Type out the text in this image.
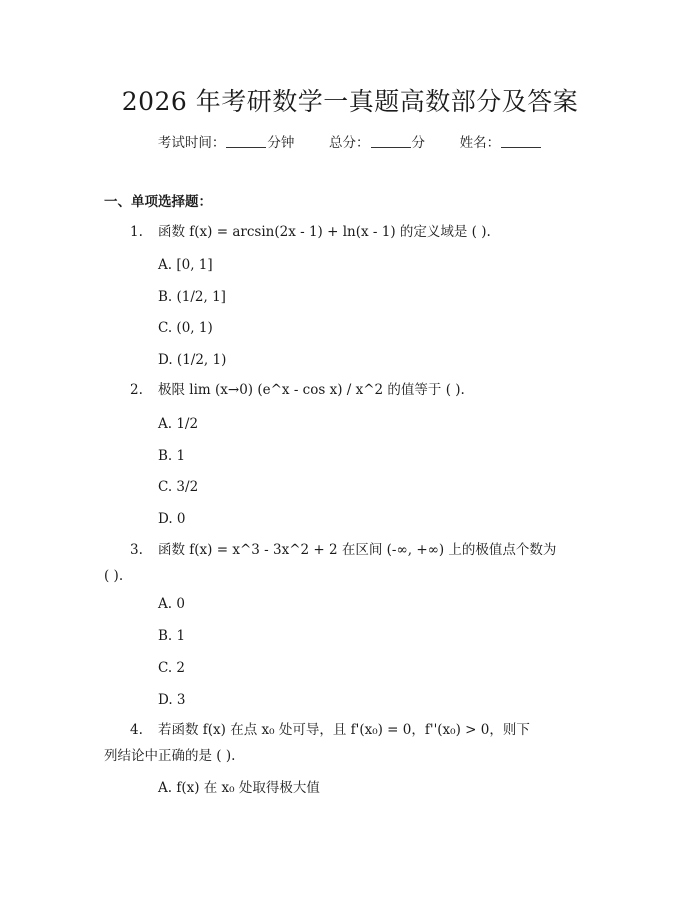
2026 年考研数学一真题高数部分及答案
考试时间：	分钟	总分：	分	姓名：
一、单项选择题：
1. 函数 f(x) = arcsin(2x - 1) + ln(x - 1) 的定义域是 ( ).
A. [0, 1]
B. (1/2, 1]
C. (0, 1)
D. (1/2, 1)
2. 极限 lim (x→0) (e^x - cos x) / x^2 的值等于 ( ).
A. 1/2
B. 1
C. 3/2
D. 0
3. 函数 f(x) = x^3 - 3x^2 + 2 在区间 (-∞, +∞) 上的极值点个数为
( ).
A. 0
B. 1
C. 2
D. 3
4. 若函数 f(x) 在点 x₀ 处可导，且 f'(x₀) = 0，f''(x₀) > 0，则下
列结论中正确的是 ( ).
A. f(x) 在 x₀ 处取得极大值
